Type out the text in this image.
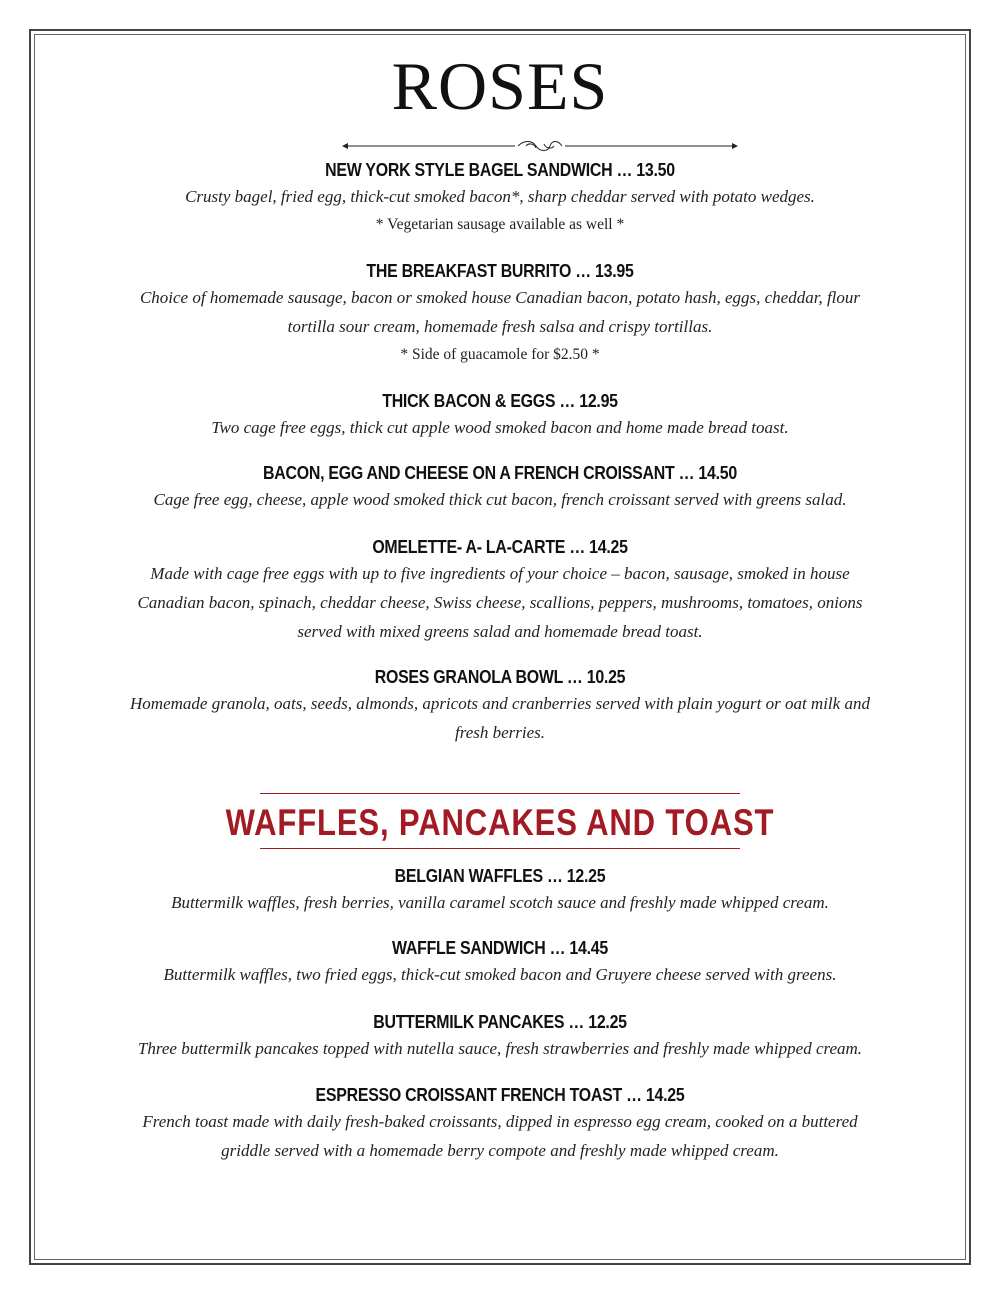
ROSES

NEW YORK STYLE BAGEL SANDWICH … 13.50

Crusty bagel, fried egg, thick-cut smoked bacon*, sharp cheddar served with potato wedges.

* Vegetarian sausage available as well *

THE BREAKFAST BURRITO … 13.95

Choice of homemade sausage, bacon or smoked house Canadian bacon, potato hash, eggs, cheddar, flour

tortilla sour cream, homemade fresh salsa and crispy tortillas.

* Side of guacamole for $2.50 *

THICK BACON & EGGS … 12.95

Two cage free eggs, thick cut apple wood smoked bacon and home made bread toast.

BACON, EGG AND CHEESE ON A FRENCH CROISSANT … 14.50

Cage free egg, cheese, apple wood smoked thick cut bacon, french croissant served with greens salad.

OMELETTE- A- LA-CARTE … 14.25

Made with cage free eggs with up to five ingredients of your choice – bacon, sausage, smoked in house

Canadian bacon, spinach, cheddar cheese, Swiss cheese, scallions, peppers, mushrooms, tomatoes, onions

served with mixed greens salad and homemade bread toast.

ROSES GRANOLA BOWL … 10.25

Homemade granola, oats, seeds, almonds, apricots and cranberries served with plain yogurt or oat milk and

fresh berries.

WAFFLES, PANCAKES AND TOAST

BELGIAN WAFFLES … 12.25

Buttermilk waffles, fresh berries, vanilla caramel scotch sauce and freshly made whipped cream.

WAFFLE SANDWICH … 14.45

Buttermilk waffles, two fried eggs, thick-cut smoked bacon and Gruyere cheese served with greens.

BUTTERMILK PANCAKES … 12.25

Three buttermilk pancakes topped with nutella sauce, fresh strawberries and freshly made whipped cream.

ESPRESSO CROISSANT FRENCH TOAST … 14.25

French toast made with daily fresh-baked croissants, dipped in espresso egg cream, cooked on a buttered

griddle served with a homemade berry compote and freshly made whipped cream.
